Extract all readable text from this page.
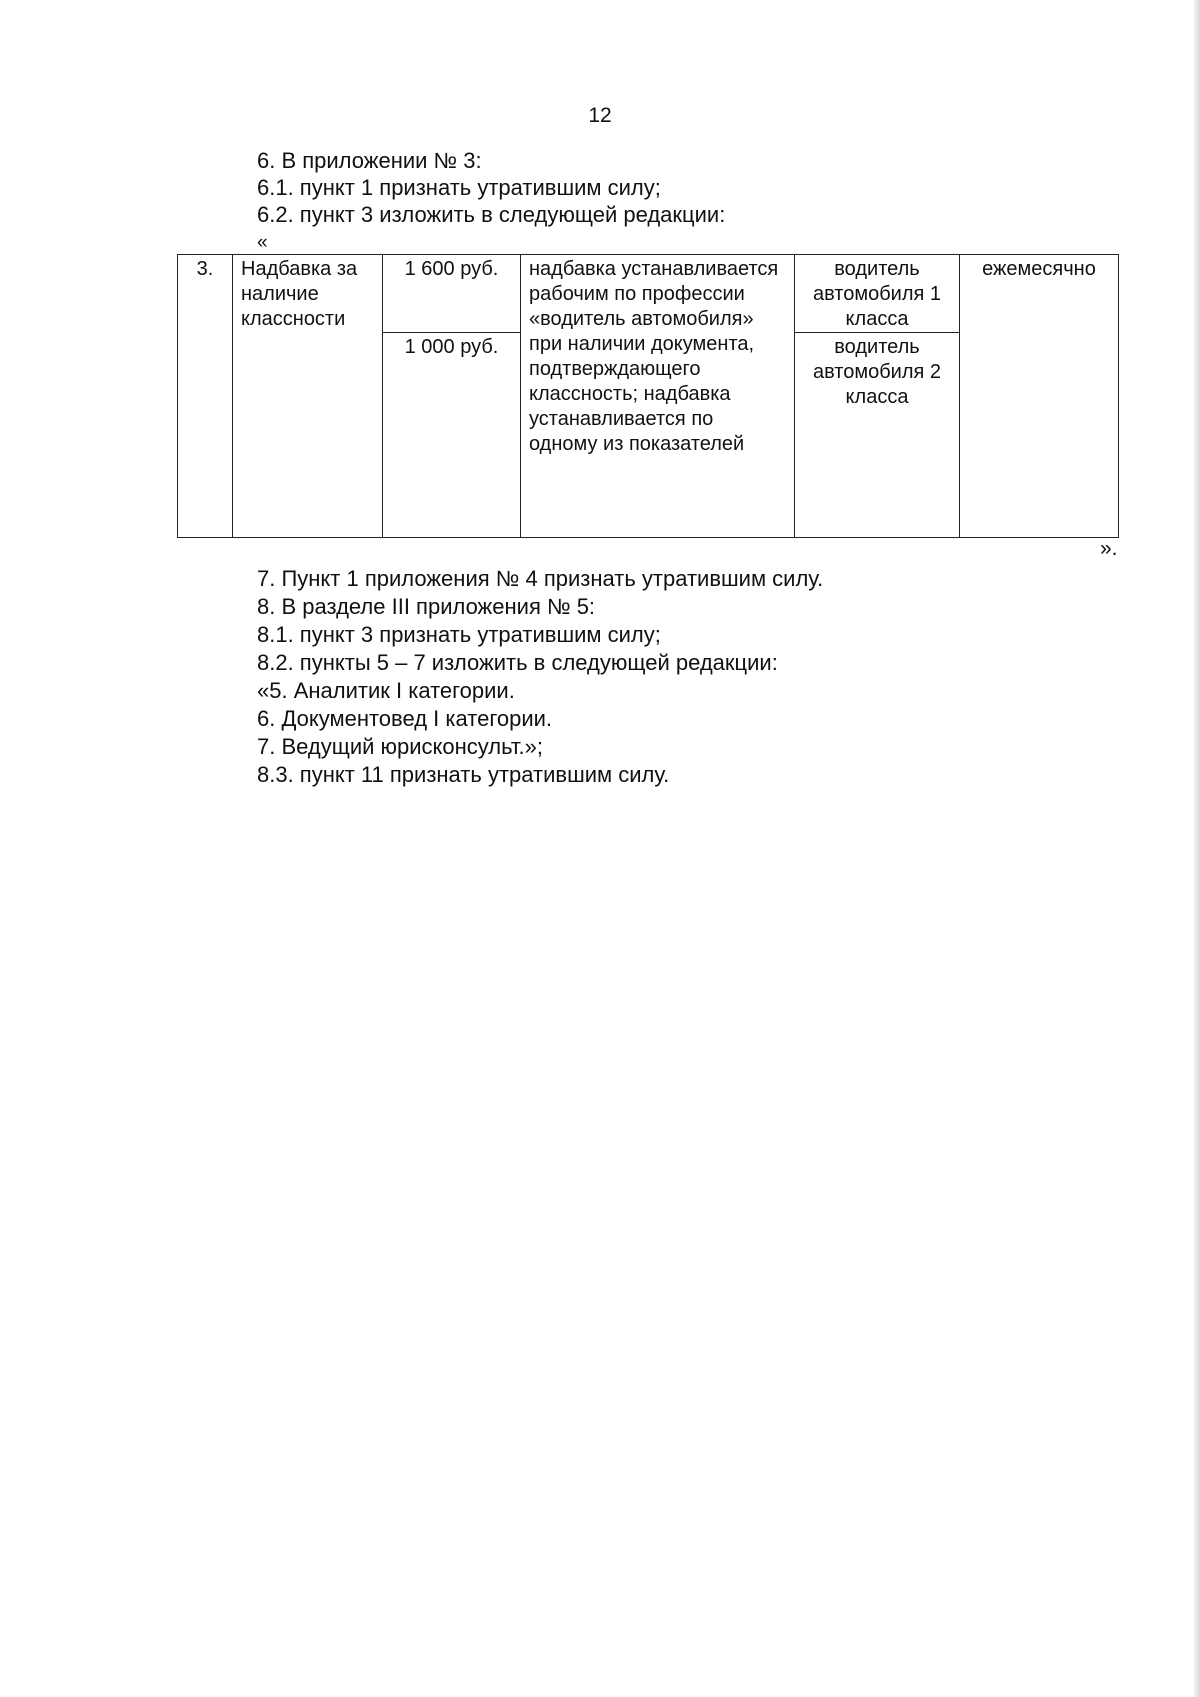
12
6. В приложении № 3:
6.1. пункт 1 признать утратившим силу;
6.2. пункт 3 изложить в следующей редакции:
«
3.	Надбавка за наличие классности	1 600 руб.	надбавка устанавливается рабочим по профессии «водитель автомобиля» при наличии документа, подтверждающего классность; надбавка устанавливается по одному из показателей	водитель автомобиля 1 класса	ежемесячно
		1 000 руб.		водитель автомобиля 2 класса	
».
7. Пункт 1 приложения № 4 признать утратившим силу.
8. В разделе III приложения № 5:
8.1. пункт 3 признать утратившим силу;
8.2. пункты 5 – 7 изложить в следующей редакции:
«5. Аналитик I категории.
6. Документовед I категории.
7. Ведущий юрисконсульт.»;
8.3. пункт 11 признать утратившим силу.
